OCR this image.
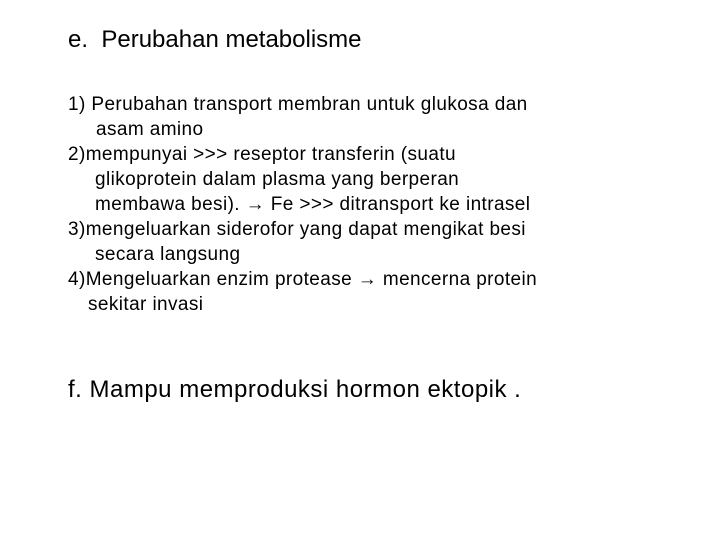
e.  Perubahan metabolisme

1) Perubahan transport membran untuk glukosa dan
asam amino

2)mempunyai >>> reseptor transferin (suatu
glikoprotein dalam plasma yang berperan
membawa besi). → Fe >>> ditransport ke intrasel

3)mengeluarkan siderofor yang dapat mengikat besi
secara langsung

4)Mengeluarkan enzim protease → mencerna protein
sekitar invasi

f. Mampu memproduksi hormon ektopik .
